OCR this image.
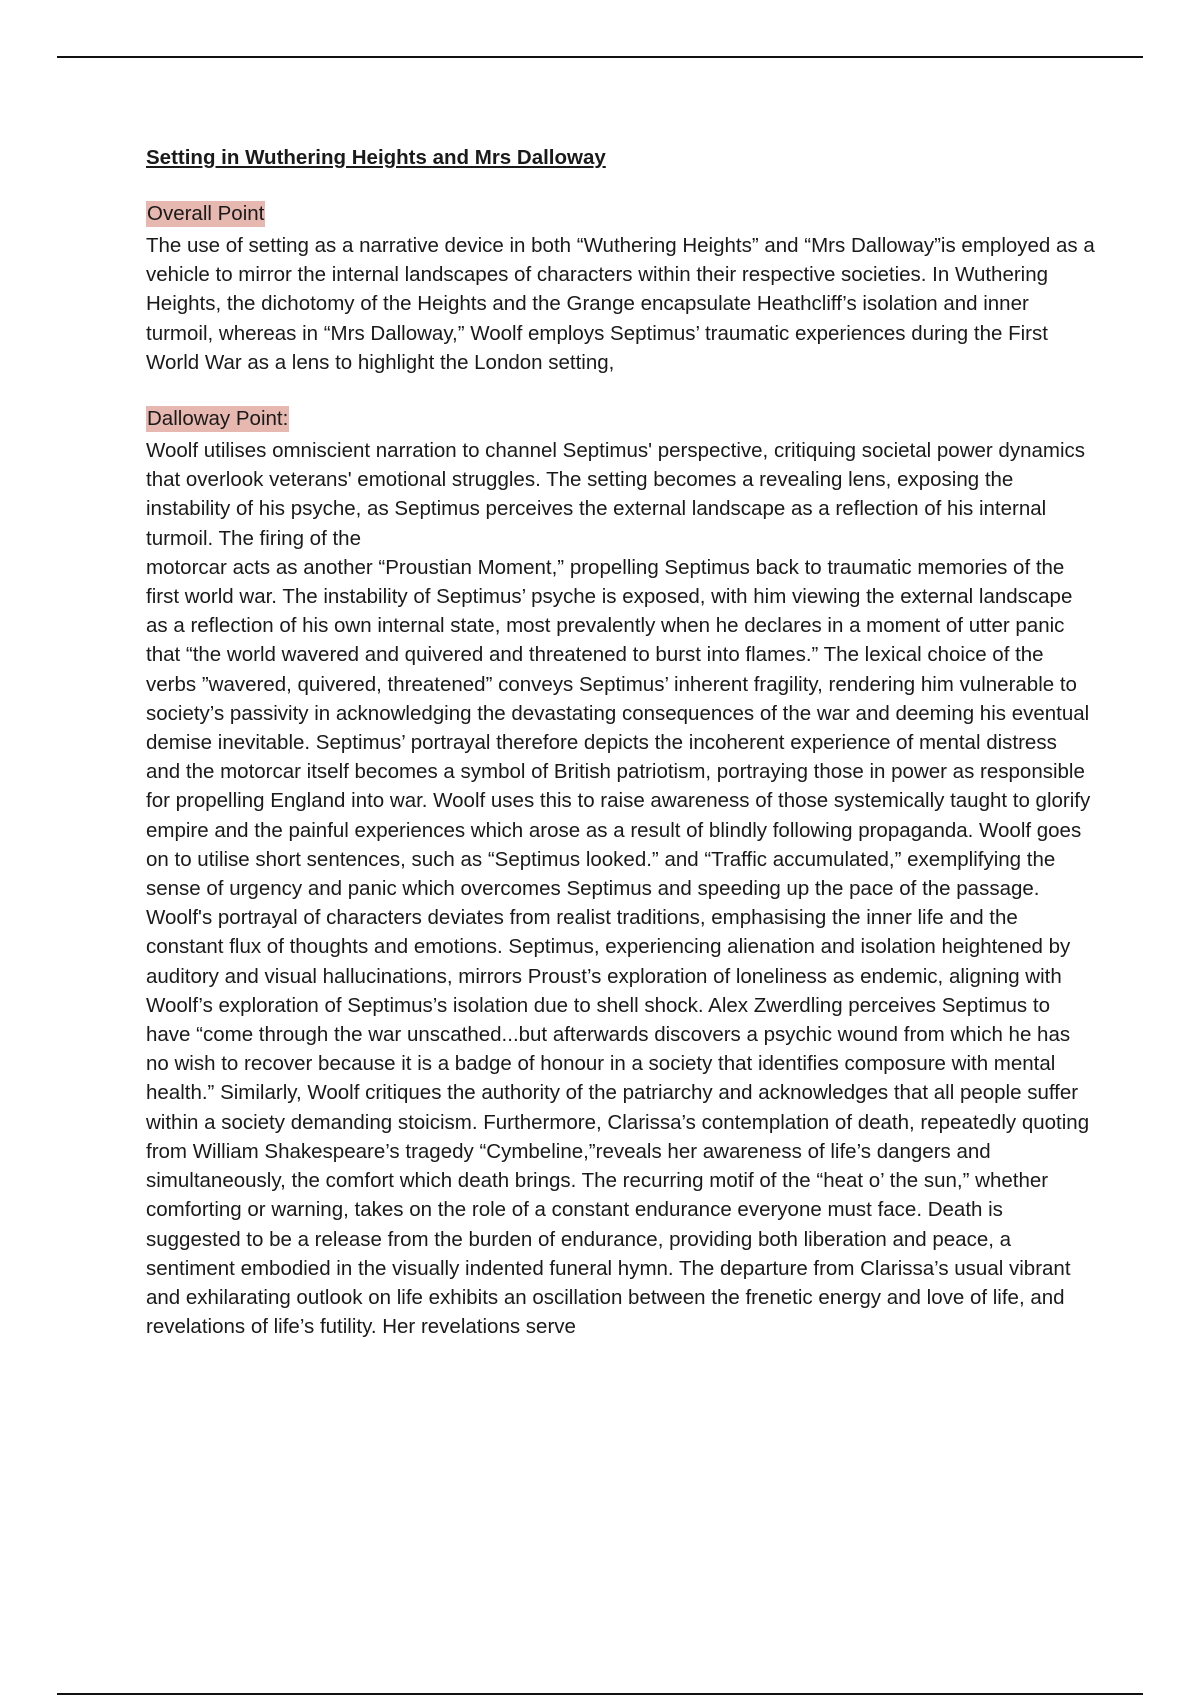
Setting in Wuthering Heights and Mrs Dalloway

Overall Point

The use of setting as a narrative device in both “Wuthering Heights” and “Mrs Dalloway”is employed as a vehicle to mirror the internal landscapes of characters within their respective societies. In Wuthering Heights, the dichotomy of the Heights and the Grange encapsulate Heathcliff’s isolation and inner turmoil, whereas in “Mrs Dalloway,” Woolf employs Septimus’ traumatic experiences during the First World War as a lens to highlight the London setting,

Dalloway Point:

Woolf utilises omniscient narration to channel Septimus' perspective, critiquing societal power dynamics that overlook veterans' emotional struggles. The setting becomes a revealing lens, exposing the instability of his psyche, as Septimus perceives the external landscape as a reflection of his internal turmoil. The firing of the

motorcar acts as another “Proustian Moment,” propelling Septimus back to traumatic memories of the first world war. The instability of Septimus’ psyche is exposed, with him viewing the external landscape as a reflection of his own internal state, most prevalently when he declares in a moment of utter panic that “the world wavered and quivered and threatened to burst into flames.” The lexical choice of the verbs ”wavered, quivered, threatened” conveys Septimus’ inherent fragility, rendering him vulnerable to society’s passivity in acknowledging the devastating consequences of the war and deeming his eventual demise inevitable. Septimus’ portrayal therefore depicts the incoherent experience of mental distress and the motorcar itself becomes a symbol of British patriotism, portraying those in power as responsible for propelling England into war. Woolf uses this to raise awareness of those systemically taught to glorify empire and the painful experiences which arose as a result of blindly following propaganda. Woolf goes on to utilise short sentences, such as “Septimus looked.” and “Traffic accumulated,” exemplifying the sense of urgency and panic which overcomes Septimus and speeding up the pace of the passage. Woolf's portrayal of characters deviates from realist traditions, emphasising the inner life and the constant flux of thoughts and emotions. Septimus, experiencing alienation and isolation heightened by auditory and visual hallucinations, mirrors Proust’s exploration of loneliness as endemic, aligning with Woolf’s exploration of Septimus’s isolation due to shell shock. Alex Zwerdling perceives Septimus to have “come through the war unscathed...but afterwards discovers a psychic wound from which he has no wish to recover because it is a badge of honour in a society that identifies composure with mental health.” Similarly, Woolf critiques the authority of the patriarchy and acknowledges that all people suffer within a society demanding stoicism. Furthermore, Clarissa’s contemplation of death, repeatedly quoting from William Shakespeare’s tragedy “Cymbeline,”reveals her awareness of life’s dangers and simultaneously, the comfort which death brings. The recurring motif of the “heat o’ the sun,” whether comforting or warning, takes on the role of a constant endurance everyone must face. Death is suggested to be a release from the burden of endurance, providing both liberation and peace, a sentiment embodied in the visually indented funeral hymn. The departure from Clarissa’s usual vibrant and exhilarating outlook on life exhibits an oscillation between the frenetic energy and love of life, and revelations of life’s futility. Her revelations serve
